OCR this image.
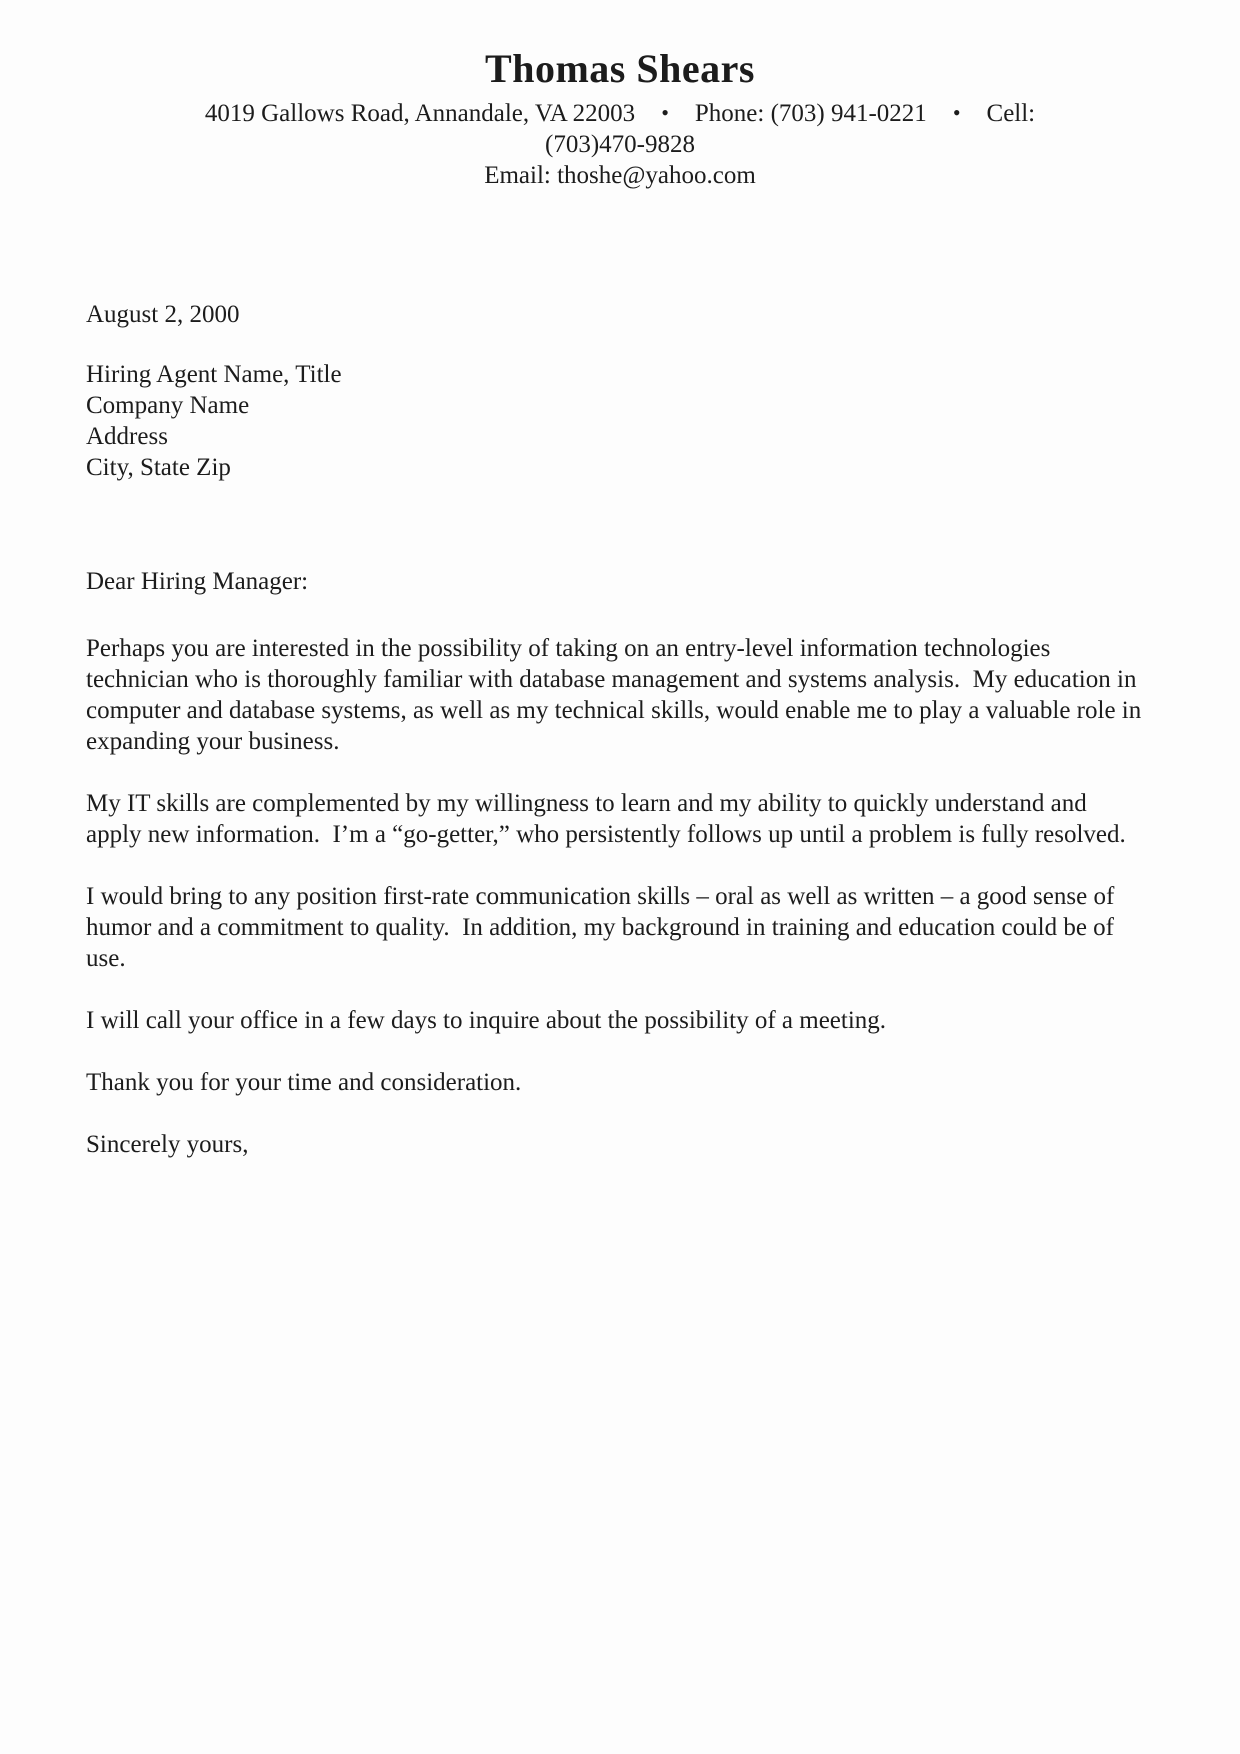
Thomas Shears
4019 Gallows Road, Annandale, VA 22003 • Phone: (703) 941-0221 • Cell:
(703)470-9828
Email: thoshe@yahoo.com
August 2, 2000
Hiring Agent Name, Title
Company Name
Address
City, State Zip
Dear Hiring Manager:

Perhaps you are interested in the possibility of taking on an entry-level information technologies technician who is thoroughly familiar with database management and systems analysis.  My education in computer and database systems, as well as my technical skills, would enable me to play a valuable role in expanding your business.

My IT skills are complemented by my willingness to learn and my ability to quickly understand and apply new information.  I’m a “go-getter,” who persistently follows up until a problem is fully resolved.

I would bring to any position first-rate communication skills – oral as well as written – a good sense of humor and a commitment to quality.  In addition, my background in training and education could be of use.

I will call your office in a few days to inquire about the possibility of a meeting.

Thank you for your time and consideration.

Sincerely yours,
